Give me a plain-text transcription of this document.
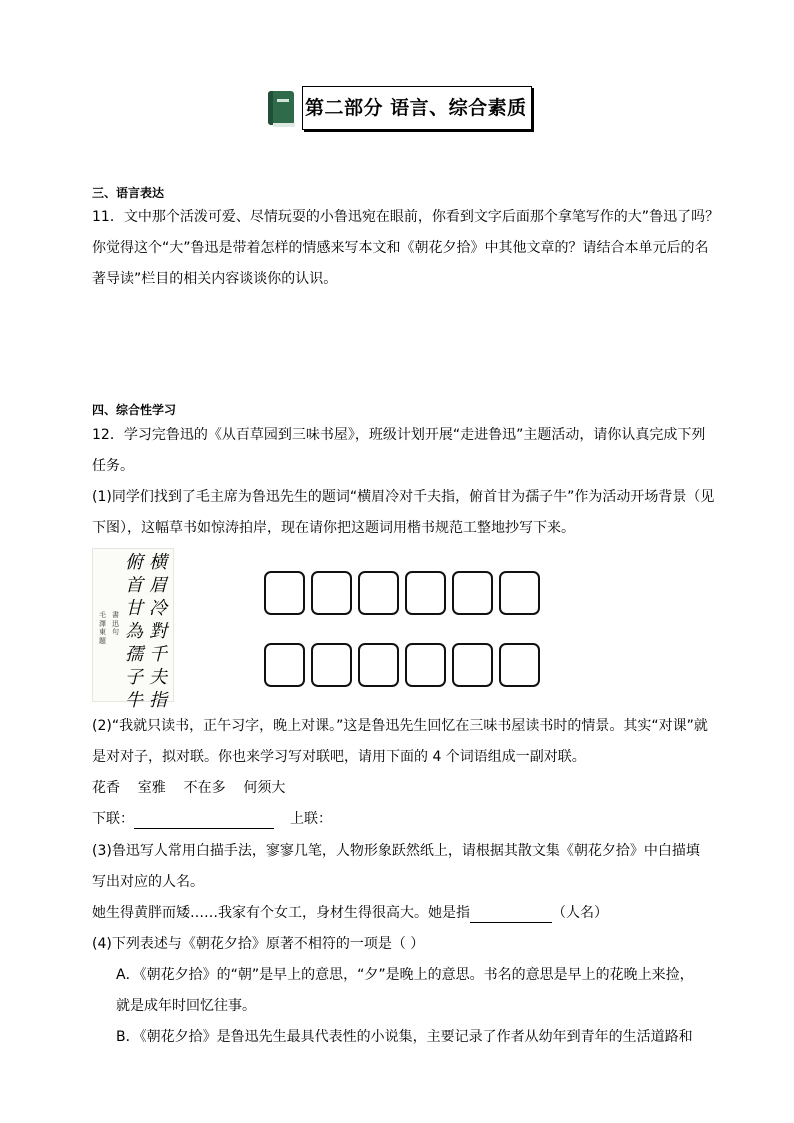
第二部分 语言、综合素质
三、语言表达
11．文中那个活泼可爱、尽情玩耍的小鲁迅宛在眼前，你看到文字后面那个拿笔写作的大”鲁迅了吗？
你觉得这个“大”鲁迅是带着怎样的情感来写本文和《朝花夕拾》中其他文章的？请结合本单元后的名
著导读”栏目的相关内容谈谈你的认识。
四、综合性学习
12．学习完鲁迅的《从百草园到三味书屋》，班级计划开展“走进鲁迅”主题活动，请你认真完成下列
任务。
(1)同学们找到了毛主席为鲁迅先生的题词“横眉冷对千夫指，俯首甘为孺子牛”作为活动开场背景（见
下图），这幅草书如惊涛拍岸，现在请你把这题词用楷书规范工整地抄写下来。
横
眉
冷
對
千
夫
指
俯
首
甘
為
孺
子
牛
書
迅
句
毛
澤
東
題
(2)“我就只读书，正午习字，晚上对课。”这是鲁迅先生回忆在三味书屋读书时的情景。其实“对课”就
是对对子，拟对联。你也来学习写对联吧，请用下面的 4 个词语组成一副对联。
花香    室雅    不在多    何须大
下联：	上联：
(3)鲁迅写人常用白描手法，寥寥几笔，人物形象跃然纸上，请根据其散文集《朝花夕拾》中白描填
写出对应的人名。
她生得黄胖而矮……我家有个女工，身材生得很高大。她是指	（人名）
(4)下列表述与《朝花夕拾》原著不相符的一项是（ ）
A．《朝花夕拾》的“朝”是早上的意思，“夕”是晚上的意思。书名的意思是早上的花晚上来捡，
就是成年时回忆往事。
B．《朝花夕拾》是鲁迅先生最具代表性的小说集，主要记录了作者从幼年到青年的生活道路和
